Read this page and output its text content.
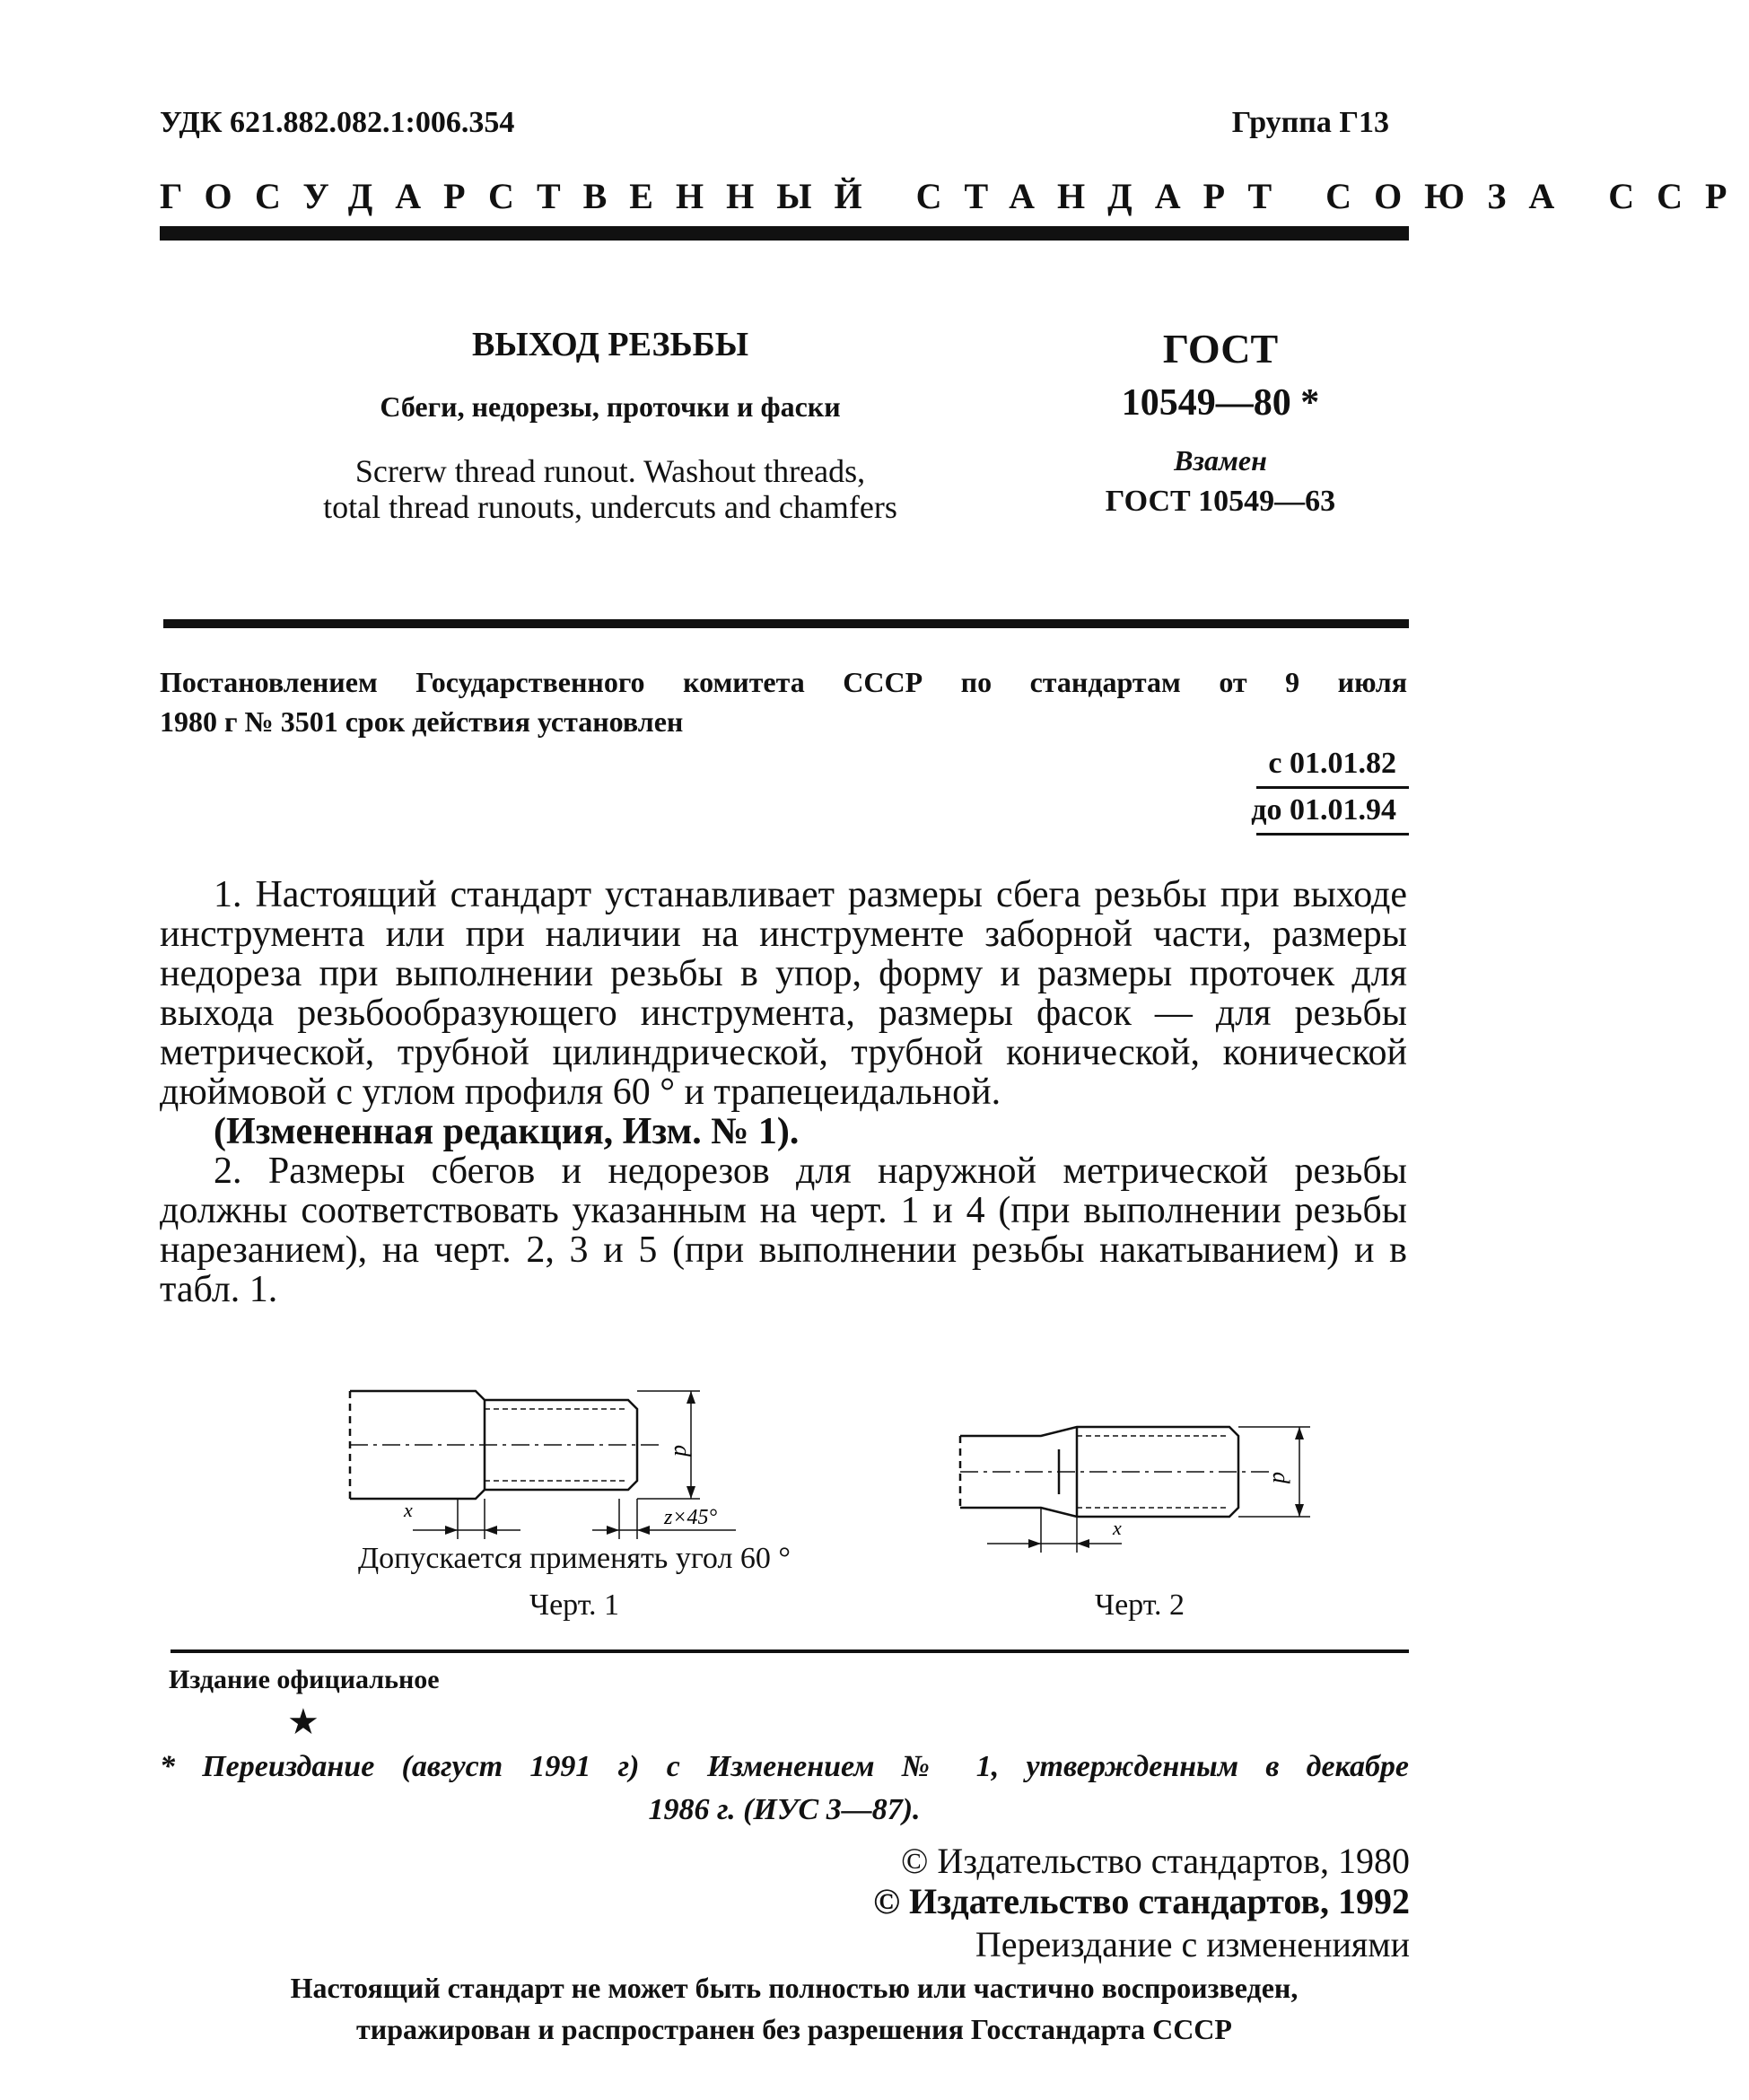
УДК 621.882.082.1:006.354	Группа Г13
ГОСУДАРСТВЕННЫЙ СТАНДАРТ СОЮЗА ССР
ВЫХОД РЕЗЬБЫ
Сбеги, недорезы, проточки и фаски
Screrw thread runout. Washout threads,
total thread runouts, undercuts and chamfers
ГОСТ
10549—80 *
Взамен
ГОСТ 10549—63
Постановлением Государственного комитета СССР по стандартам от 9 июля
1980 г № 3501 срок действия установлен
с 01.01.82
до 01.01.94

1. Настоящий стандарт устанавливает размеры сбега резьбы при выходе инструмента или при наличии на инструменте заборной части, размеры недореза при выполнении резьбы в упор, форму и размеры проточек для выхода резьбообразующего инструмента, размеры фасок — для резьбы метрической, трубной цилиндрической, трубной конической, конической дюймовой с углом профиля 60 ° и трапецеидальной.

(Измененная редакция, Изм. № 1).

2. Размеры сбегов и недорезов для наружной метрической резьбы должны соответствовать указанным на черт. 1 и 4 (при выполнении резьбы нарезанием), на черт. 2, 3 и 5 (при выполнении резьбы накатыванием) и в табл. 1.

d
x	z×45°
Допускается применять угол 60 °
Черт. 1
d
x
Черт. 2
Издание официальное
★
* Переиздание (август 1991 г) с Изменением № 1, утвержденным в декабре
1986 г. (ИУС 3—87).
© Издательство стандартов, 1980
© Издательство стандартов, 1992
Переиздание с изменениями
Настоящий стандарт не может быть полностью или частично воспроизведен,
тиражирован и распространен без разрешения Госстандарта СССР
